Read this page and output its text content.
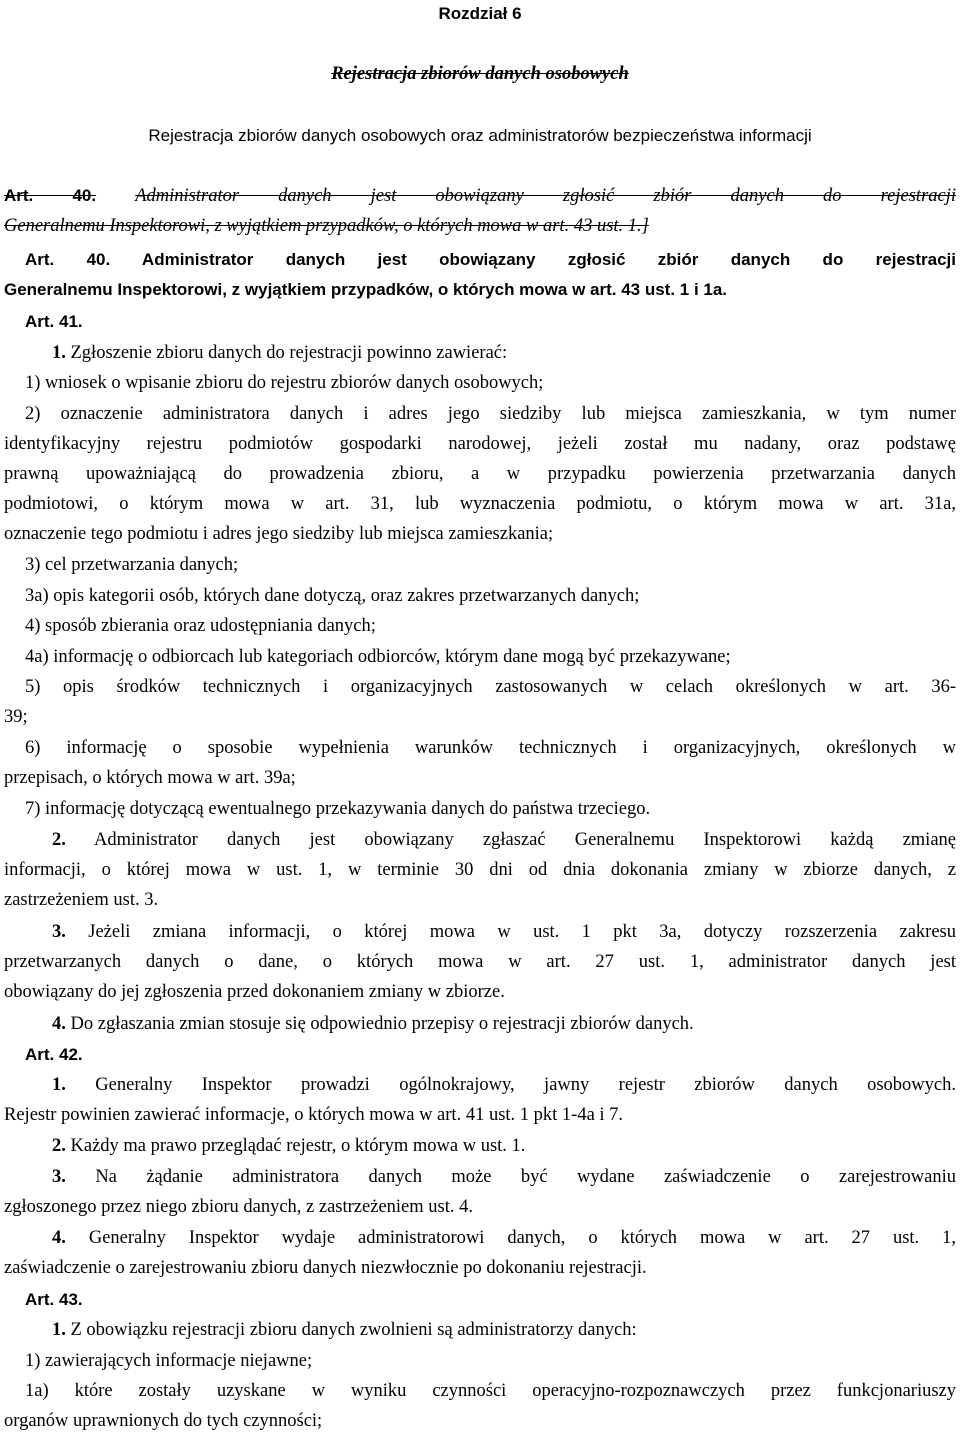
Rozdział 6
Rejestracja zbiorów danych osobowych
Rejestracja zbiorów danych osobowych oraz administratorów bezpieczeństwa informacji
Art. 40. Administrator danych jest obowiązany zgłosić zbiór danych do rejestracji
Generalnemu Inspektorowi, z wyjątkiem przypadków, o których mowa w art. 43 ust. 1.]
Art. 40. Administrator danych jest obowiązany zgłosić zbiór danych do rejestracji
Generalnemu Inspektorowi, z wyjątkiem przypadków, o których mowa w art. 43 ust. 1 i 1a.
Art. 41.
1. Zgłoszenie zbioru danych do rejestracji powinno zawierać:
1) wniosek o wpisanie zbioru do rejestru zbiorów danych osobowych;
2) oznaczenie administratora danych i adres jego siedziby lub miejsca zamieszkania, w tym numer
identyfikacyjny rejestru podmiotów gospodarki narodowej, jeżeli został mu nadany, oraz podstawę
prawną upoważniającą do prowadzenia zbioru, a w przypadku powierzenia przetwarzania danych
podmiotowi, o którym mowa w art. 31, lub wyznaczenia podmiotu, o którym mowa w art. 31a,
oznaczenie tego podmiotu i adres jego siedziby lub miejsca zamieszkania;
3) cel przetwarzania danych;
3a) opis kategorii osób, których dane dotyczą, oraz zakres przetwarzanych danych;
4) sposób zbierania oraz udostępniania danych;
4a) informację o odbiorcach lub kategoriach odbiorców, którym dane mogą być przekazywane;
5) opis środków technicznych i organizacyjnych zastosowanych w celach określonych w art. 36-
39;
6) informację o sposobie wypełnienia warunków technicznych i organizacyjnych, określonych w
przepisach, o których mowa w art. 39a;
7) informację dotyczącą ewentualnego przekazywania danych do państwa trzeciego.
2. Administrator danych jest obowiązany zgłaszać Generalnemu Inspektorowi każdą zmianę
informacji, o której mowa w ust. 1, w terminie 30 dni od dnia dokonania zmiany w zbiorze danych, z
zastrzeżeniem ust. 3.
3. Jeżeli zmiana informacji, o której mowa w ust. 1 pkt 3a, dotyczy rozszerzenia zakresu
przetwarzanych danych o dane, o których mowa w art. 27 ust. 1, administrator danych jest
obowiązany do jej zgłoszenia przed dokonaniem zmiany w zbiorze.
4. Do zgłaszania zmian stosuje się odpowiednio przepisy o rejestracji zbiorów danych.
Art. 42.
1. Generalny Inspektor prowadzi ogólnokrajowy, jawny rejestr zbiorów danych osobowych.
Rejestr powinien zawierać informacje, o których mowa w art. 41 ust. 1 pkt 1-4a i 7.
2. Każdy ma prawo przeglądać rejestr, o którym mowa w ust. 1.
3. Na żądanie administratora danych może być wydane zaświadczenie o zarejestrowaniu
zgłoszonego przez niego zbioru danych, z zastrzeżeniem ust. 4.
4. Generalny Inspektor wydaje administratorowi danych, o których mowa w art. 27 ust. 1,
zaświadczenie o zarejestrowaniu zbioru danych niezwłocznie po dokonaniu rejestracji.
Art. 43.
1. Z obowiązku rejestracji zbioru danych zwolnieni są administratorzy danych:
1) zawierających informacje niejawne;
1a) które zostały uzyskane w wyniku czynności operacyjno-rozpoznawczych przez funkcjonariuszy
organów uprawnionych do tych czynności;
